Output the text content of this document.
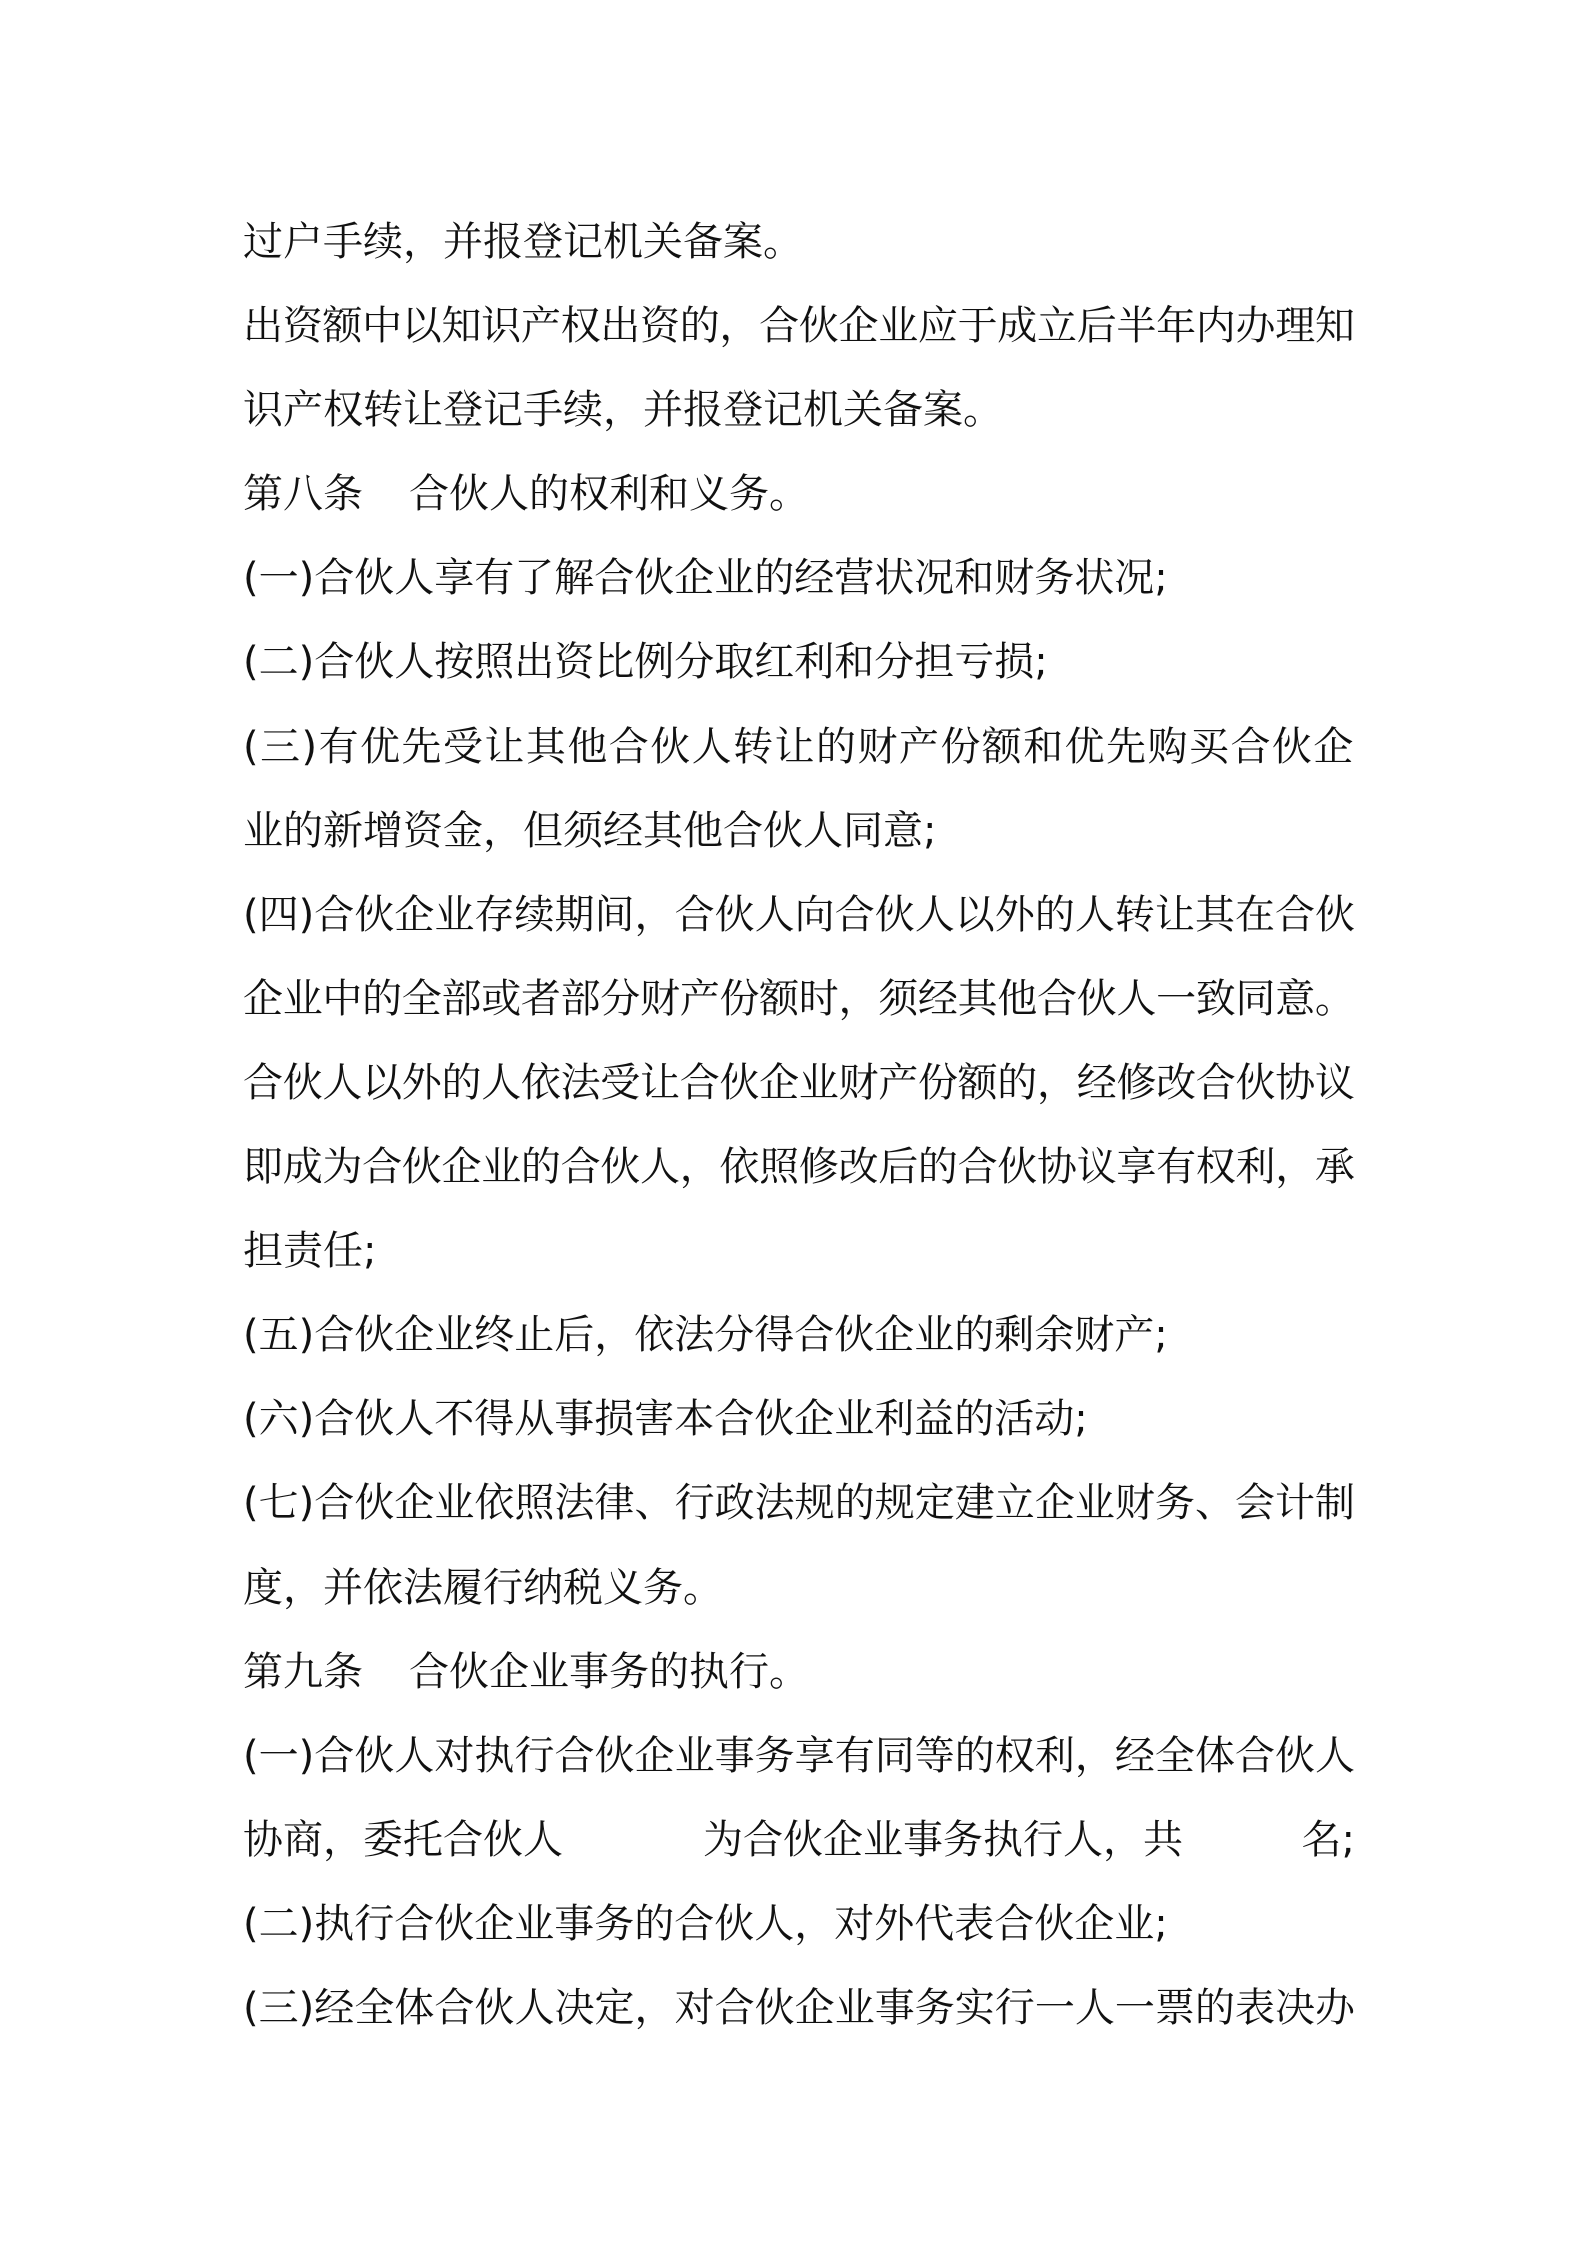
过户手续，并报登记机关备案。
出资额中以知识产权出资的，合伙企业应于成立后半年内办理知
识产权转让登记手续，并报登记机关备案。
第八条 合伙人的权利和义务。
(一)合伙人享有了解合伙企业的经营状况和财务状况;
(二)合伙人按照出资比例分取红利和分担亏损;
(三)有优先受让其他合伙人转让的财产份额和优先购买合伙企
业的新增资金，但须经其他合伙人同意;
(四)合伙企业存续期间，合伙人向合伙人以外的人转让其在合伙
企业中的全部或者部分财产份额时，须经其他合伙人一致同意。
合伙人以外的人依法受让合伙企业财产份额的，经修改合伙协议
即成为合伙企业的合伙人，依照修改后的合伙协议享有权利，承
担责任;
(五)合伙企业终止后，依法分得合伙企业的剩余财产;
(六)合伙人不得从事损害本合伙企业利益的活动;
(七)合伙企业依照法律、行政法规的规定建立企业财务、会计制
度，并依法履行纳税义务。
第九条 合伙企业事务的执行。
(一)合伙人对执行合伙企业事务享有同等的权利，经全体合伙人
协商，委托合伙人	为合伙企业事务执行人，共	名;
(二)执行合伙企业事务的合伙人，对外代表合伙企业;
(三)经全体合伙人决定，对合伙企业事务实行一人一票的表决办
